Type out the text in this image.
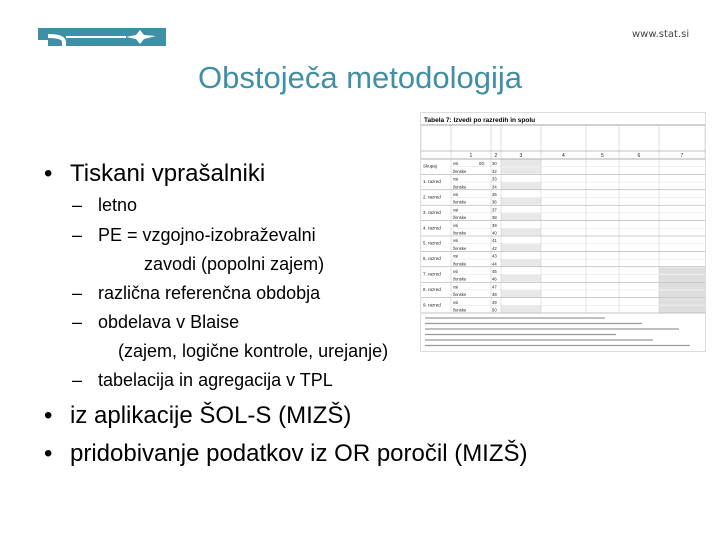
www.stat.si
Obstoječa metodologija
• Tiskani vprašalniki
– letno
– PE = vzgojno-izobraževalni
zavodi (popolni zajem)
– različna referenčna obdobja
– obdelava v Blaise
(zajem, logične kontrole, urejanje)
– tabelacija in agregacija v TPL
• iz aplikacije ŠOL-S (MIZŠ)
• pridobivanje podatkov iz OR poročil (MIZŠ)
Tabela 7: Izvedi po razredih in spolu
1	2	3	4	5	6	7
Skupaj	vsi	0G 30
ženske	32
1. razred	vsi	33
ženske	34
2. razred	vsi	35
ženske	36
3. razred	vsi	37
ženske	38
4. razred	vsi	39
ženske	40
5. razred	vsi	41
ženske	42
6. razred	vsi	43
ženske	44
7. razred	vsi	45
ženske	46
8. razred	vsi	47
ženske	48
9. razred	vsi	49
ženske	50
